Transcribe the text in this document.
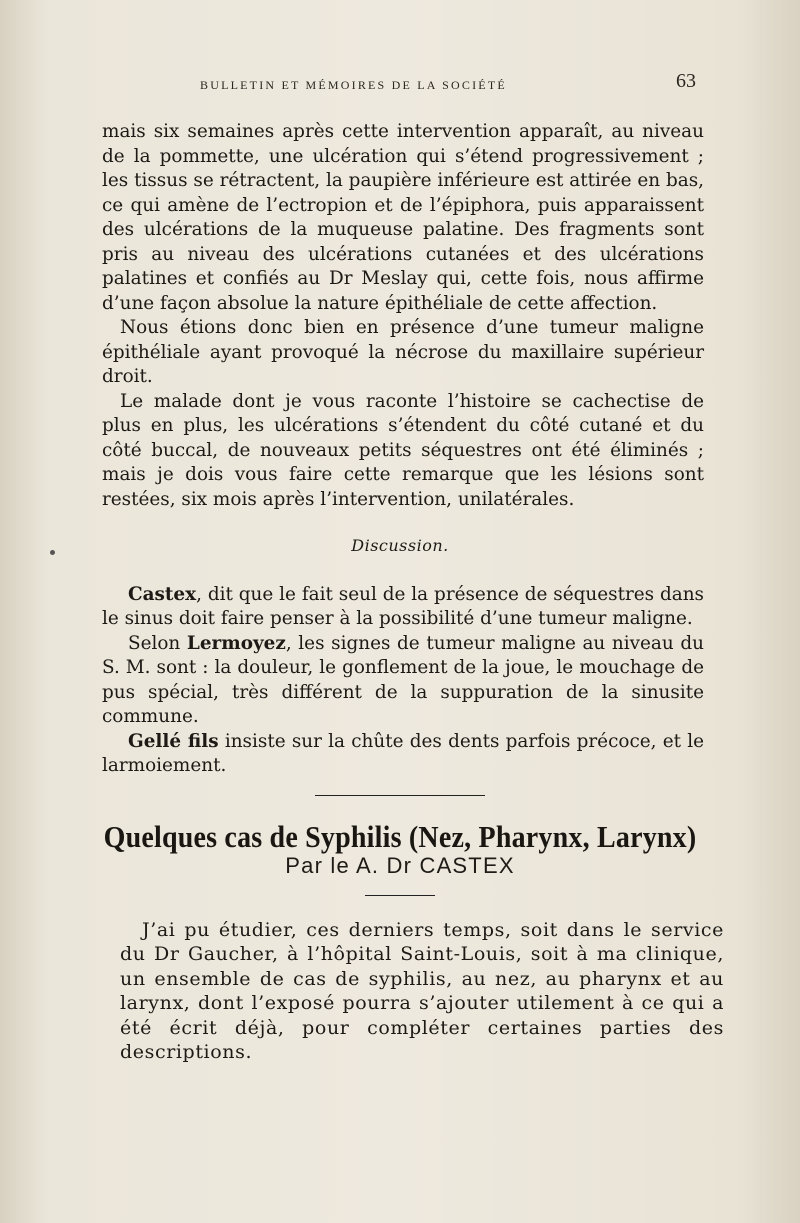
BULLETIN ET MÉMOIRES DE LA SOCIÉTÉ	63

mais six semaines après cette intervention apparaît, au niveau de la pommette, une ulcération qui s’étend progressivement ; les tissus se rétractent, la paupière inférieure est attirée en bas, ce qui amène de l’ectropion et de l’épiphora, puis apparaissent des ulcérations de la muqueuse palatine. Des fragments sont pris au niveau des ulcérations cutanées et des ulcérations palatines et confiés au Dr Meslay qui, cette fois, nous affirme d’une façon absolue la nature épithéliale de cette affection.

Nous étions donc bien en présence d’une tumeur maligne épithéliale ayant provoqué la nécrose du maxillaire supérieur droit.

Le malade dont je vous raconte l’histoire se cachectise de plus en plus, les ulcérations s’étendent du côté cutané et du côté buccal, de nouveaux petits séquestres ont été éliminés ; mais je dois vous faire cette remarque que les lésions sont restées, six mois après l’intervention, unilatérales.

Discussion.

Castex, dit que le fait seul de la présence de séquestres dans le sinus doit faire penser à la possibilité d’une tumeur maligne.

Selon Lermoyez, les signes de tumeur maligne au niveau du S. M. sont : la douleur, le gonflement de la joue, le mouchage de pus spécial, très différent de la suppuration de la sinusite commune.

Gellé fils insiste sur la chûte des dents parfois précoce, et le larmoiement.

Quelques cas de Syphilis (Nez, Pharynx, Larynx)
Par le A. Dr CASTEX

J’ai pu étudier, ces derniers temps, soit dans le service du Dr Gaucher, à l’hôpital Saint-Louis, soit à ma clinique, un ensemble de cas de syphilis, au nez, au pharynx et au larynx, dont l’exposé pourra s’ajouter utilement à ce qui a été écrit déjà, pour compléter certaines parties des descriptions.
